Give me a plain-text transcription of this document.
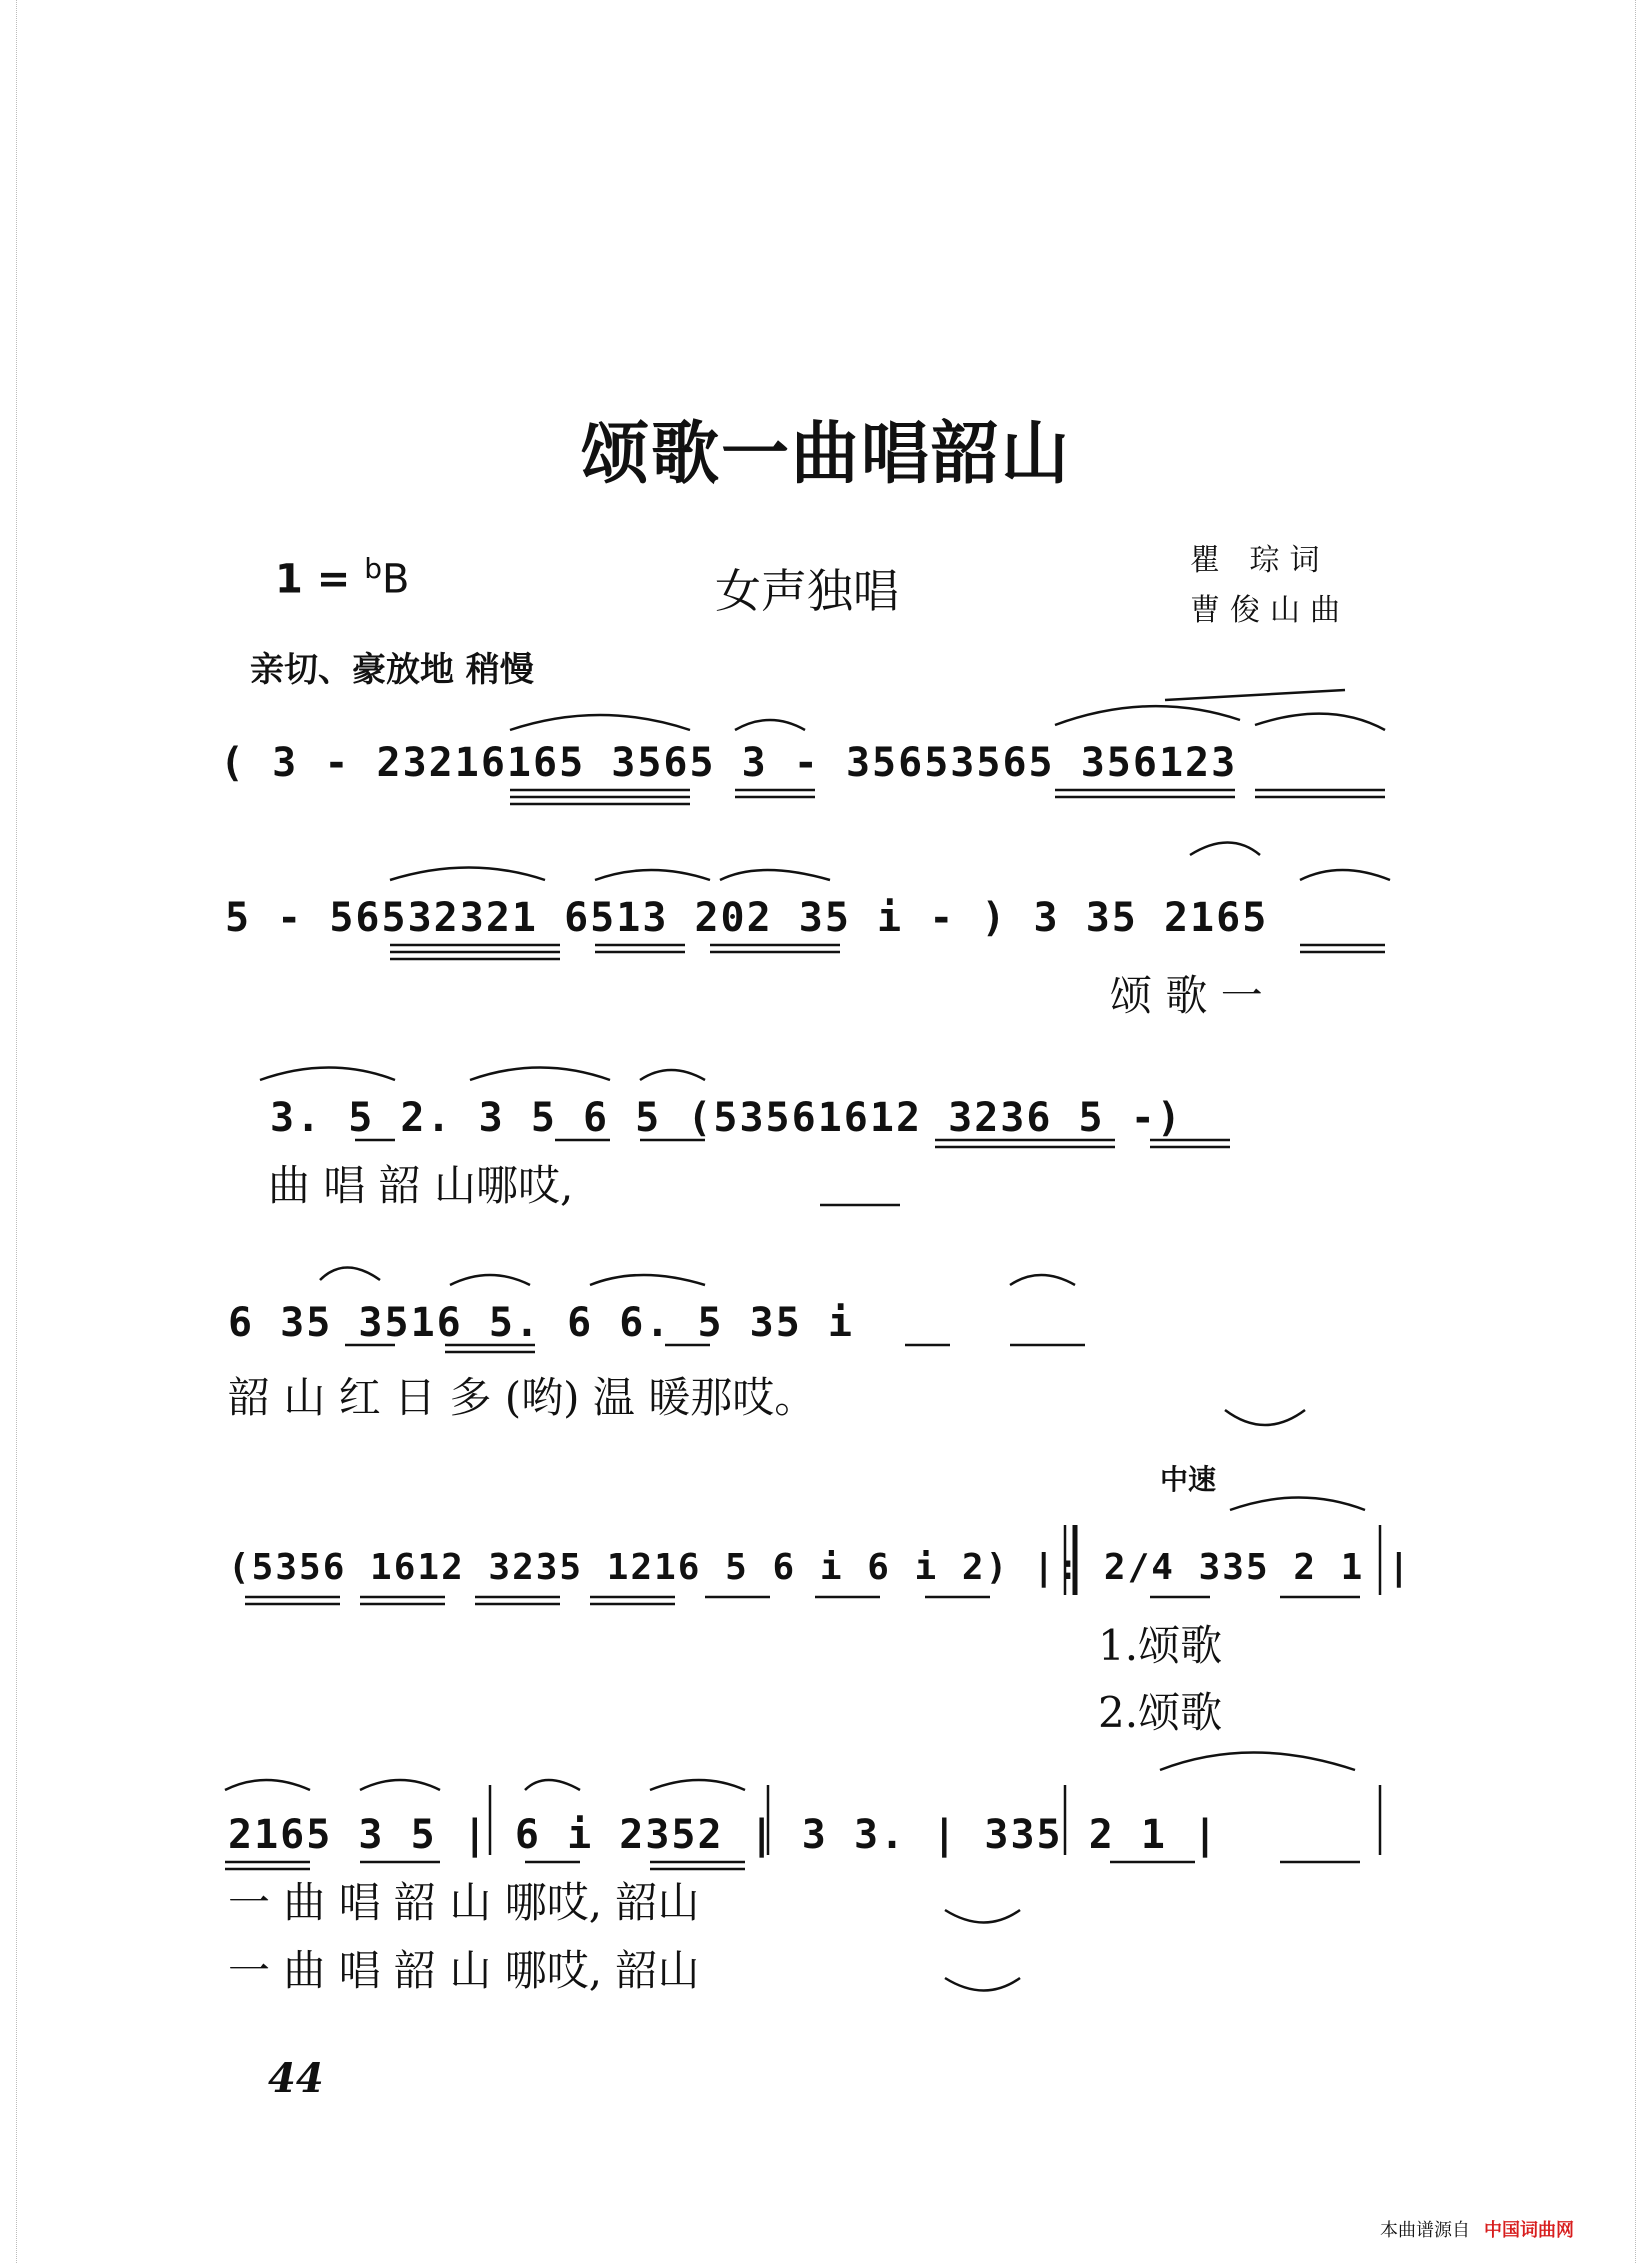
颂歌一曲唱韶山
1 = $^b$B	女声独唱
瞿 琮词
曹俊山曲
亲切、豪放地 稍慢
( 3 - 23216165 3565 3 - 35653565 356123
5 - 56532321 6513 202 35 i - ) 3 35 2165
颂 歌 一
3. 5 2. 3 5 6 5 (53561612 3236 5 -)
曲 唱 韶 山哪哎,
6 35 3516 5. 6 6. 5 35 i
韶 山 红 日 多 (哟) 温 暖那哎。
中速
(5356 1612 3235 1216 5 6 i 6 i 2) |: 2/4 335 2 1 |
1.颂歌
2.颂歌
2165 3 5 | 6 i 2352 | 3 3. | 335 2 1 |
一 曲 唱 韶 山 哪哎, 韶山
一 曲 唱 韶 山 哪哎, 韶山
44
本曲谱源自 中国词曲网
